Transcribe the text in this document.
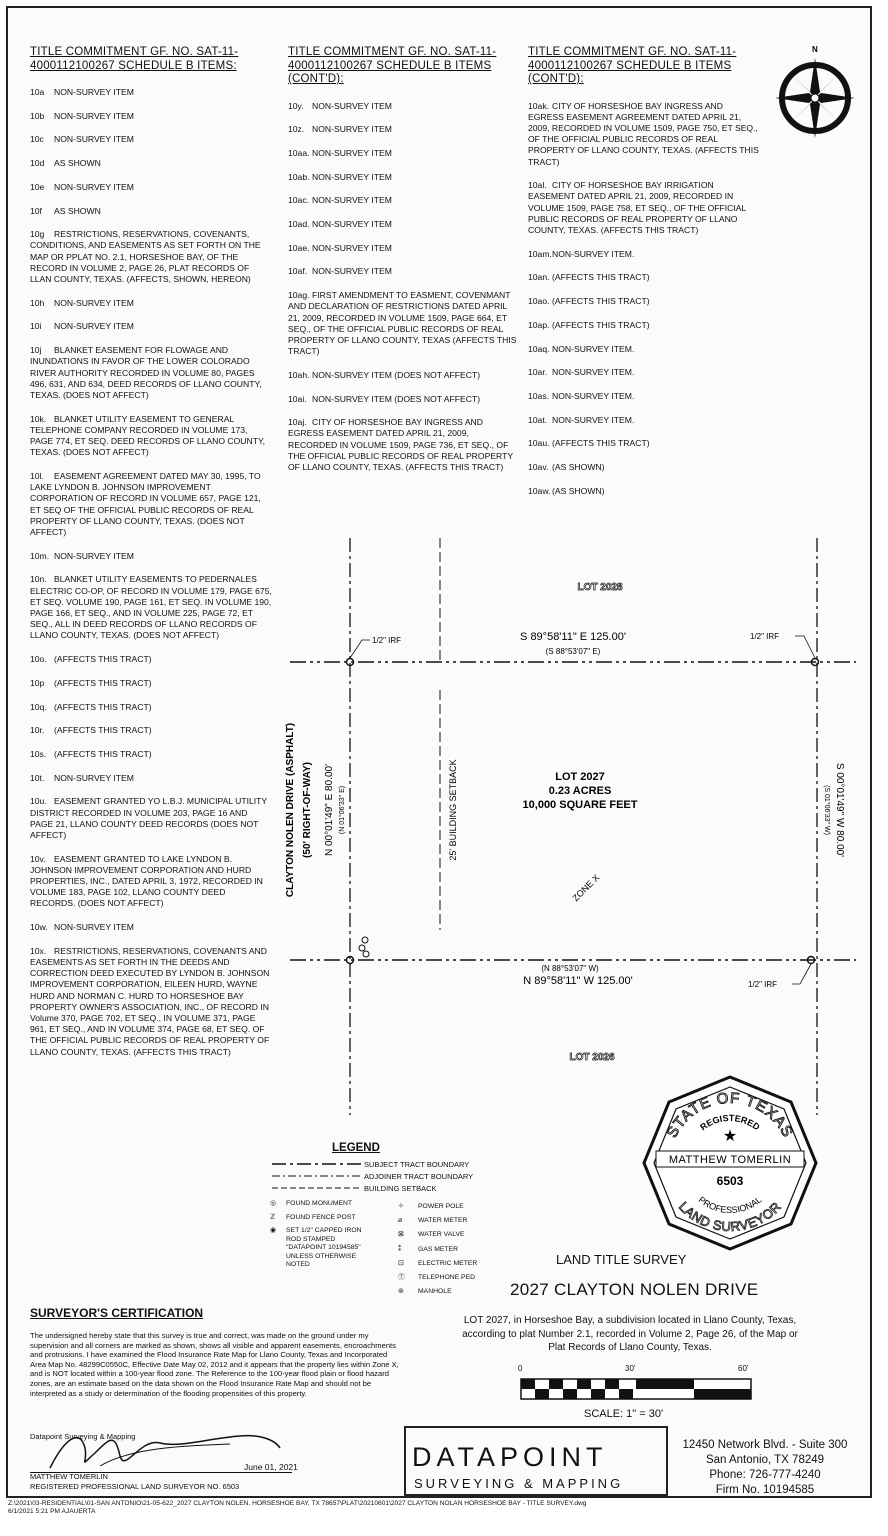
TITLE COMMITMENT GF. NO. SAT-11-4000112100267 SCHEDULE B ITEMS:
10a NON-SURVEY ITEM
10b NON-SURVEY ITEM
10c NON-SURVEY ITEM
10d AS SHOWN
10e NON-SURVEY ITEM
10f AS SHOWN
10g RESTRICTIONS, RESERVATIONS, COVENANTS, CONDITIONS, AND EASEMENTS AS SET FORTH ON THE MAP OR PPLAT NO. 2.1, HORSESHOE BAY, OF THE RECORD IN VOLUME 2, PAGE 26, PLAT RECORDS OF LLAN COUNTY, TEXAS. (AFFECTS, SHOWN, HEREON)
10h NON-SURVEY ITEM
10i NON-SURVEY ITEM
10j BLANKET EASEMENT FOR FLOWAGE AND INUNDATIONS IN FAVOR OF THE LOWER COLORADO RIVER AUTHORITY RECORDED IN VOLUME 80, PAGES 496, 631, AND 634, DEED RECORDS OF LLANO COUNTY, TEXAS. (DOES NOT AFFECT)
10k. BLANKET UTILITY EASEMENT TO GENERAL TELEPHONE COMPANY RECORDED IN VOLUME 173, PAGE 774, ET SEQ. DEED RECORDS OF LLANO COUNTY, TEXAS. (DOES NOT AFFECT)
10l. EASEMENT AGREEMENT DATED MAY 30, 1995, TO LAKE LYNDON B. JOHNSON IMPROVEMENT CORPORATION OF RECORD IN VOLUME 657, PAGE 121, ET SEQ OF THE OFFICIAL PUBLIC RECORDS OF REAL PROPERTY OF LLANO COUNTY, TEXAS. (DOES NOT AFFECT)
10m. NON-SURVEY ITEM
10n. BLANKET UTILITY EASEMENTS TO PEDERNALES ELECTRIC CO-OP, OF RECORD IN VOLUME 179, PAGE 675, ET SEQ. VOLUME 190, PAGE 161, ET SEQ. IN VOLUME 190, PAGE 166, ET SEQ., AND IN VOLUME 225, PAGE 72, ET SEQ., ALL IN DEED RECORDS OF LLANO RECORDS OF LLANO COUNTY, TEXAS. (DOES NOT AFFECT)
10o. (AFFECTS THIS TRACT)
10p (AFFECTS THIS TRACT)
10q. (AFFECTS THIS TRACT)
10r. (AFFECTS THIS TRACT)
10s. (AFFECTS THIS TRACT)
10t. NON-SURVEY ITEM
10u. EASEMENT GRANTED YO L.B.J. MUNICIPAL UTILITY DISTRICT RECORDED IN VOLUME 203, PAGE 16 AND PAGE 21, LLANO COUNTY DEED RECORDS (DOES NOT AFFECT)
10v. EASEMENT GRANTED TO LAKE LYNDON B. JOHNSON IMPROVEMENT CORPORATION AND HURD PROPERTIES, INC., DATED APRIL 3, 1972, RECORDED IN VOLUME 183, PAGE 102, LLANO COUNTY DEED RECORDS. (DOES NOT AFFECT)
10w. NON-SURVEY ITEM
10x. RESTRICTIONS, RESERVATIONS, COVENANTS AND EASEMENTS AS SET FORTH IN THE DEEDS AND CORRECTION DEED EXECUTED BY LYNDON B. JOHNSON IMPROVEMENT CORPORATION, EILEEN HURD, WAYNE HURD AND NORMAN C. HURD TO HORSESHOE BAY PROPERTY OWNER'S ASSOCIATION, INC., OF RECORD IN Volume 370, PAGE 702, ET SEQ., IN VOLUME 371, PAGE 961, ET SEQ., AND IN VOLUME 374, PAGE 68, ET SEQ. OF THE OFFICIAL PUBLIC RECORDS OF REAL PROPERTY OF LLANO COUNTY, TEXAS. (AFFECTS THIS TRACT)
TITLE COMMITMENT GF. NO. SAT-11-4000112100267 SCHEDULE B ITEMS (CONT'D):
10y. NON-SURVEY ITEM
10z. NON-SURVEY ITEM
10aa. NON-SURVEY ITEM
10ab. NON-SURVEY ITEM
10ac. NON-SURVEY ITEM
10ad. NON-SURVEY ITEM
10ae. NON-SURVEY ITEM
10af. NON-SURVEY ITEM
10ag. FIRST AMENDMENT TO EASMENT, COVENMANT AND DECLARATION OF RESTRICTIONS DATED APRIL 21, 2009, RECORDED IN VOLUME 1509, PAGE 664, ET SEQ., OF THE OFFICIAL PUBLIC RECORDS OF REAL PROPERTY OF LLANO COUNTY, TEXAS (AFFECTS THIS TRACT)
10ah. NON-SURVEY ITEM (DOES NOT AFFECT)
10ai. NON-SURVEY ITEM (DOES NOT AFFECT)
10aj. CITY OF HORSESHOE BAY INGRESS AND EGRESS EASEMENT DATED APRIL 21, 2009, RECORDED IN VOLUME 1509, PAGE 736, ET SEQ., OF THE OFFICIAL PUBLIC RECORDS OF REAL PROPERTY OF LLANO COUNTY, TEXAS. (AFFECTS THIS TRACT)
TITLE COMMITMENT GF. NO. SAT-11-4000112100267 SCHEDULE B ITEMS (CONT'D):
10ak. CITY OF HORSESHOE BAY INGRESS AND EGRESS EASEMENT AGREEMENT DATED APRIL 21, 2009, RECORDED IN VOLUME 1509, PAGE 750, ET SEQ., OF THE OFFICIAL PUBLIC RECORDS OF REAL PROPERTY OF LLANO COUNTY, TEXAS. (AFFECTS THIS TRACT)
10al. CITY OF HORSESHOE BAY IRRIGATION EASEMENT DATED APRIL 21, 2009, RECORDED IN VOLUME 1509, PAGE 758, ET SEQ., OF THE OFFICIAL PUBLIC RECORDS OF REAL PROPERTY OF LLANO COUNTY, TEXAS. (AFFECTS THIS TRACT)
10am.NON-SURVEY ITEM.
10an. (AFFECTS THIS TRACT)
10ao. (AFFECTS THIS TRACT)
10ap. (AFFECTS THIS TRACT)
10aq. NON-SURVEY ITEM.
10ar. NON-SURVEY ITEM.
10as. NON-SURVEY ITEM.
10at. NON-SURVEY ITEM.
10au. (AFFECTS THIS TRACT)
10av. (AS SHOWN)
10aw. (AS SHOWN)
N
1/2" IRF	1/2" IRF
1/2" IRF
LOT 2028
LOT 2026
LOT 2027
0.23 ACRES
10,000 SQUARE FEET
S 89°58'11" E 125.00'
(S 88°53'07" E)
(N 88°53'07" W)
N 89°58'11" W 125.00'
CLAYTON NOLEN DRIVE (ASPHALT) (50' RIGHT-OF-WAY) N 00°01'49" E 80.00' (N 01°06'33" E)	25' BUILDING SETBACK	(S 01°06'33" W) S 00°01'49" W 80.00'
ZONE X
LEGEND
SUBJECT TRACT BOUNDARY
ADJOINER TRACT BOUNDARY
BUILDING SETBACK
◎ FOUND MONUMENT
ℤ FOUND FENCE POST
◉	SET 1/2" CAPPED IRON ROD STAMPED "DATAPOINT 10194585" UNLESS OTHERWISE NOTED
✧ POWER POLE
⌀ WATER METER
⊠ WATER VALVE
⁑ GAS METER
⊡ ELECTRIC METER
Ⓣ TELEPHONE PED
⊚ MANHOLE
STATE OF TEXAS
REGISTERED
★
MATTHEW TOMERLIN
6503
PROFESSIONAL
LAND SURVEYOR
LAND TITLE SURVEY
2027 CLAYTON NOLEN DRIVE
LOT 2027, in Horseshoe Bay, a subdivision located in Llano County, Texas, according to plat Number 2.1, recorded in Volume 2, Page 26, of the Map or Plat Records of Llano County, Texas.
0	30'	60'
SCALE: 1" = 30'
SURVEYOR'S CERTIFICATION
The undersigned hereby state that this survey is true and correct, was made on the ground under my supervision and all corners are marked as shown, shows all visible and apparent easements, encroachments and protrusions. I have examined the Flood Insurance Rate Map for Llano County, Texas and Incorporated Area Map No. 48299C0550C, Effective Date May 02, 2012 and it appears that the property lies within Zone X, and is NOT located within a 100-year flood zone. The Reference to the 100-year flood plain or flood hazard zones, are an estimate based on the data shown on the Flood Insurance Rate Map and should not be interpreted as a study or determination of the flooding propensities of this property.
Datapoint Surveying & Mapping
June 01, 2021
MATTHEW TOMERLIN
REGISTERED PROFESSIONAL LAND SURVEYOR NO. 6503
DATAPOINT
SURVEYING & MAPPING
12450 Network Blvd. - Suite 300
San Antonio, TX 78249
Phone: 726-777-4240
Firm No. 10194585
Z:\2021\03-RESIDENTIAL\01-SAN ANTONIO\21-05-622_2027 CLAYTON NOLEN, HORSESHOE BAY, TX 78657\PLAT\20210601\2027 CLAYTON NOLAN HORSESHOE BAY - TITLE SURVEY.dwg
6/1/2021 5:21 PM AJAUERTA
